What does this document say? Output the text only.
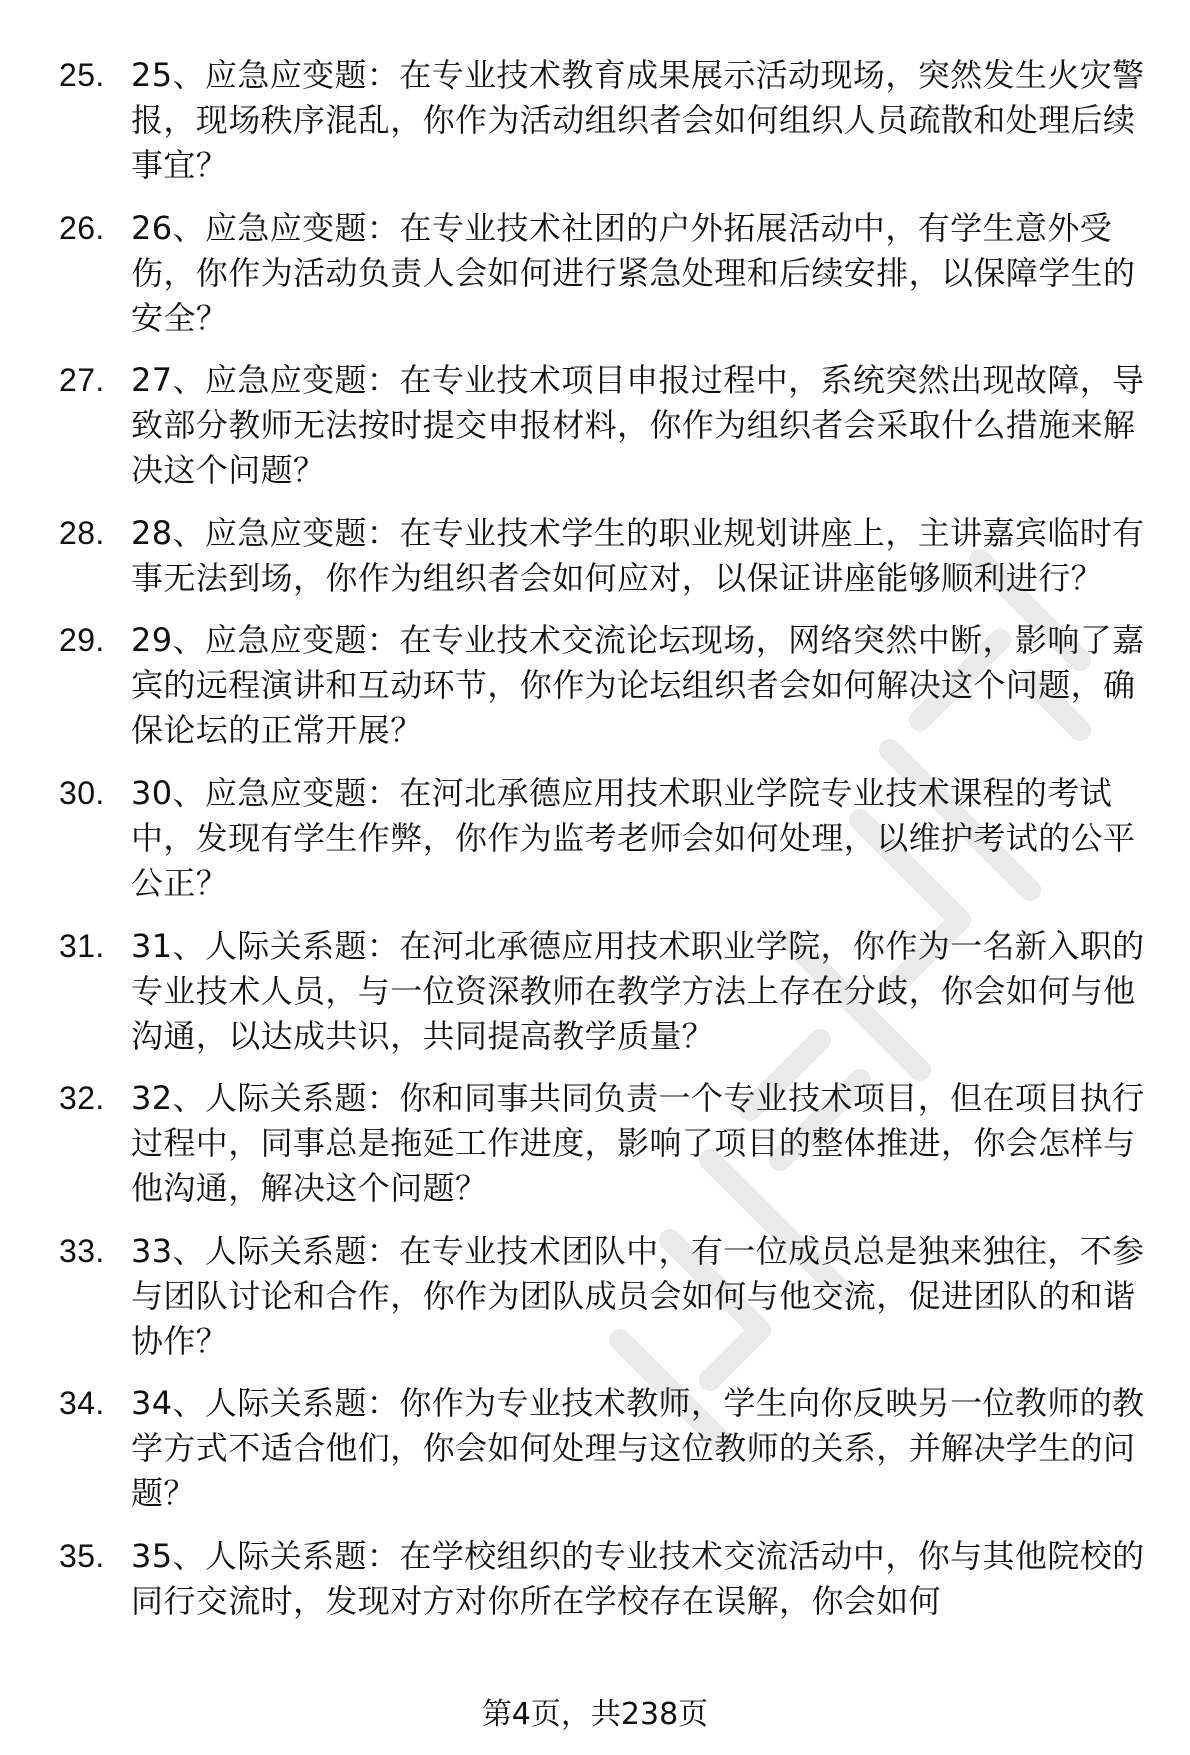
25. 25、应急应变题：在专业技术教育成果展示活动现场，突然发生火灾警报，现场秩序混乱，你作为活动组织者会如何组织人员疏散和处理后续事宜？
26. 26、应急应变题：在专业技术社团的户外拓展活动中，有学生意外受伤，你作为活动负责人会如何进行紧急处理和后续安排，以保障学生的安全？
27. 27、应急应变题：在专业技术项目申报过程中，系统突然出现故障，导致部分教师无法按时提交申报材料，你作为组织者会采取什么措施来解决这个问题？
28. 28、应急应变题：在专业技术学生的职业规划讲座上，主讲嘉宾临时有事无法到场，你作为组织者会如何应对，以保证讲座能够顺利进行？
29. 29、应急应变题：在专业技术交流论坛现场，网络突然中断，影响了嘉宾的远程演讲和互动环节，你作为论坛组织者会如何解决这个问题，确保论坛的正常开展？
30. 30、应急应变题：在河北承德应用技术职业学院专业技术课程的考试中，发现有学生作弊，你作为监考老师会如何处理，以维护考试的公平公正？
31. 31、人际关系题：在河北承德应用技术职业学院，你作为一名新入职的专业技术人员，与一位资深教师在教学方法上存在分歧，你会如何与他沟通，以达成共识，共同提高教学质量？
32. 32、人际关系题：你和同事共同负责一个专业技术项目，但在项目执行过程中，同事总是拖延工作进度，影响了项目的整体推进，你会怎样与他沟通，解决这个问题？
33. 33、人际关系题：在专业技术团队中，有一位成员总是独来独往，不参与团队讨论和合作，你作为团队成员会如何与他交流，促进团队的和谐协作？
34. 34、人际关系题：你作为专业技术教师，学生向你反映另一位教师的教学方式不适合他们，你会如何处理与这位教师的关系，并解决学生的问题？
35. 35、人际关系题：在学校组织的专业技术交流活动中，你与其他院校的同行交流时，发现对方对你所在学校存在误解，你会如何
第4页，共238页
